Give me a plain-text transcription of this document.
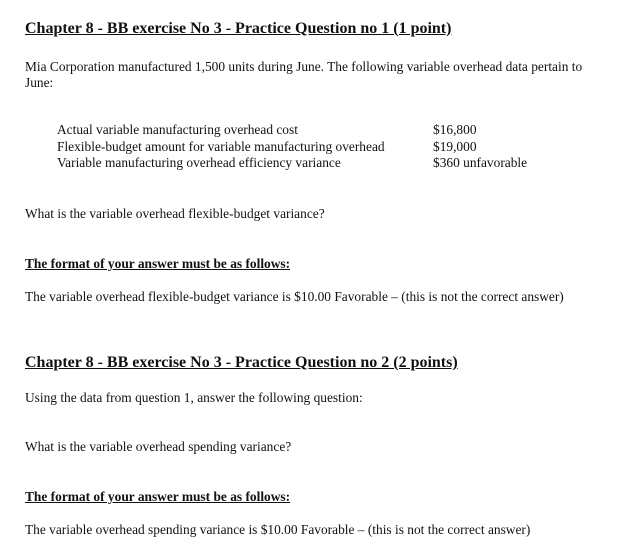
Chapter 8 - BB exercise No 3 - Practice Question no 1 (1 point)

Mia Corporation manufactured 1,500 units during June. The following variable overhead data pertain to June:

Actual variable manufacturing overhead cost	$16,800
Flexible-budget amount for variable manufacturing overhead	$19,000
Variable manufacturing overhead efficiency variance	$360 unfavorable

What is the variable overhead flexible-budget variance?

The format of your answer must be as follows:

The variable overhead flexible-budget variance is $10.00 Favorable – (this is not the correct answer)

Chapter 8 - BB exercise No 3 - Practice Question no 2 (2 points)

Using the data from question 1, answer the following question:

What is the variable overhead spending variance?

The format of your answer must be as follows:

The variable overhead spending variance is $10.00 Favorable – (this is not the correct answer)
